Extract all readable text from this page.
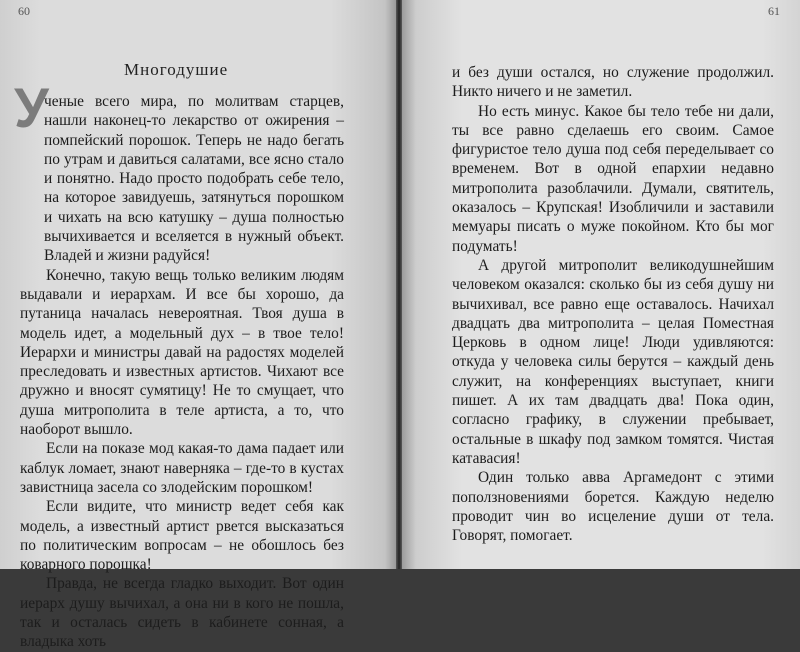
60
Многодушие
У

ченые всего мира, по молитвам старцев, нашли наконец-то лекарство от ожирения – помпейский порошок. Теперь не надо бегать по утрам и давиться салатами, все ясно стало и понятно. Надо просто подобрать себе тело, на которое завидуешь, затянуться порошком и чихать на всю катушку – душа полностью вычихивается и вселяется в нужный объект. Владей и жизни радуйся!

Конечно, такую вещь только великим людям выдавали и иерархам. И все бы хорошо, да путаница началась невероятная. Твоя душа в модель идет, а модельный дух – в твое тело! Иерархи и министры давай на радостях моделей преследовать и известных артистов. Чихают все дружно и вносят сумятицу! Не то смущает, что душа митрополита в теле артиста, а то, что наоборот вышло.

Если на показе мод какая-то дама падает или каблук ломает, знают наверняка – где-то в кустах завистница засела со злодейским порошком!

Если видите, что министр ведет себя как модель, а известный артист рвется высказаться по политическим вопросам – не обошлось без коварного порошка!

Правда, не всегда гладко выходит. Вот один иерарх душу вычихал, а она ни в кого не пошла, так и осталась сидеть в кабинете сонная, а владыка хоть

61

и без души остался, но служение продолжил. Никто ничего и не заметил.

Но есть минус. Какое бы тело тебе ни дали, ты все равно сделаешь его своим. Самое фигуристое тело душа под себя переделывает со временем. Вот в одной епархии недавно митрополита разоблачили. Думали, святитель, оказалось – Крупская! Изобличили и заставили мемуары писать о муже покойном. Кто бы мог подумать!

А другой митрополит великодушнейшим человеком оказался: сколько бы из себя душу ни вычихивал, все равно еще оставалось. Начихал двадцать два митрополита – целая Поместная Церковь в одном лице! Люди удивляются: откуда у человека силы берутся – каждый день служит, на конференциях выступает, книги пишет. А их там двадцать два! Пока один, согласно графику, в служении пребывает, остальные в шкафу под замком томятся. Чистая катавасия!

Один только авва Аргамедонт с этими поползновениями борется. Каждую неделю проводит чин во исцеление души от тела. Говорят, помогает.
